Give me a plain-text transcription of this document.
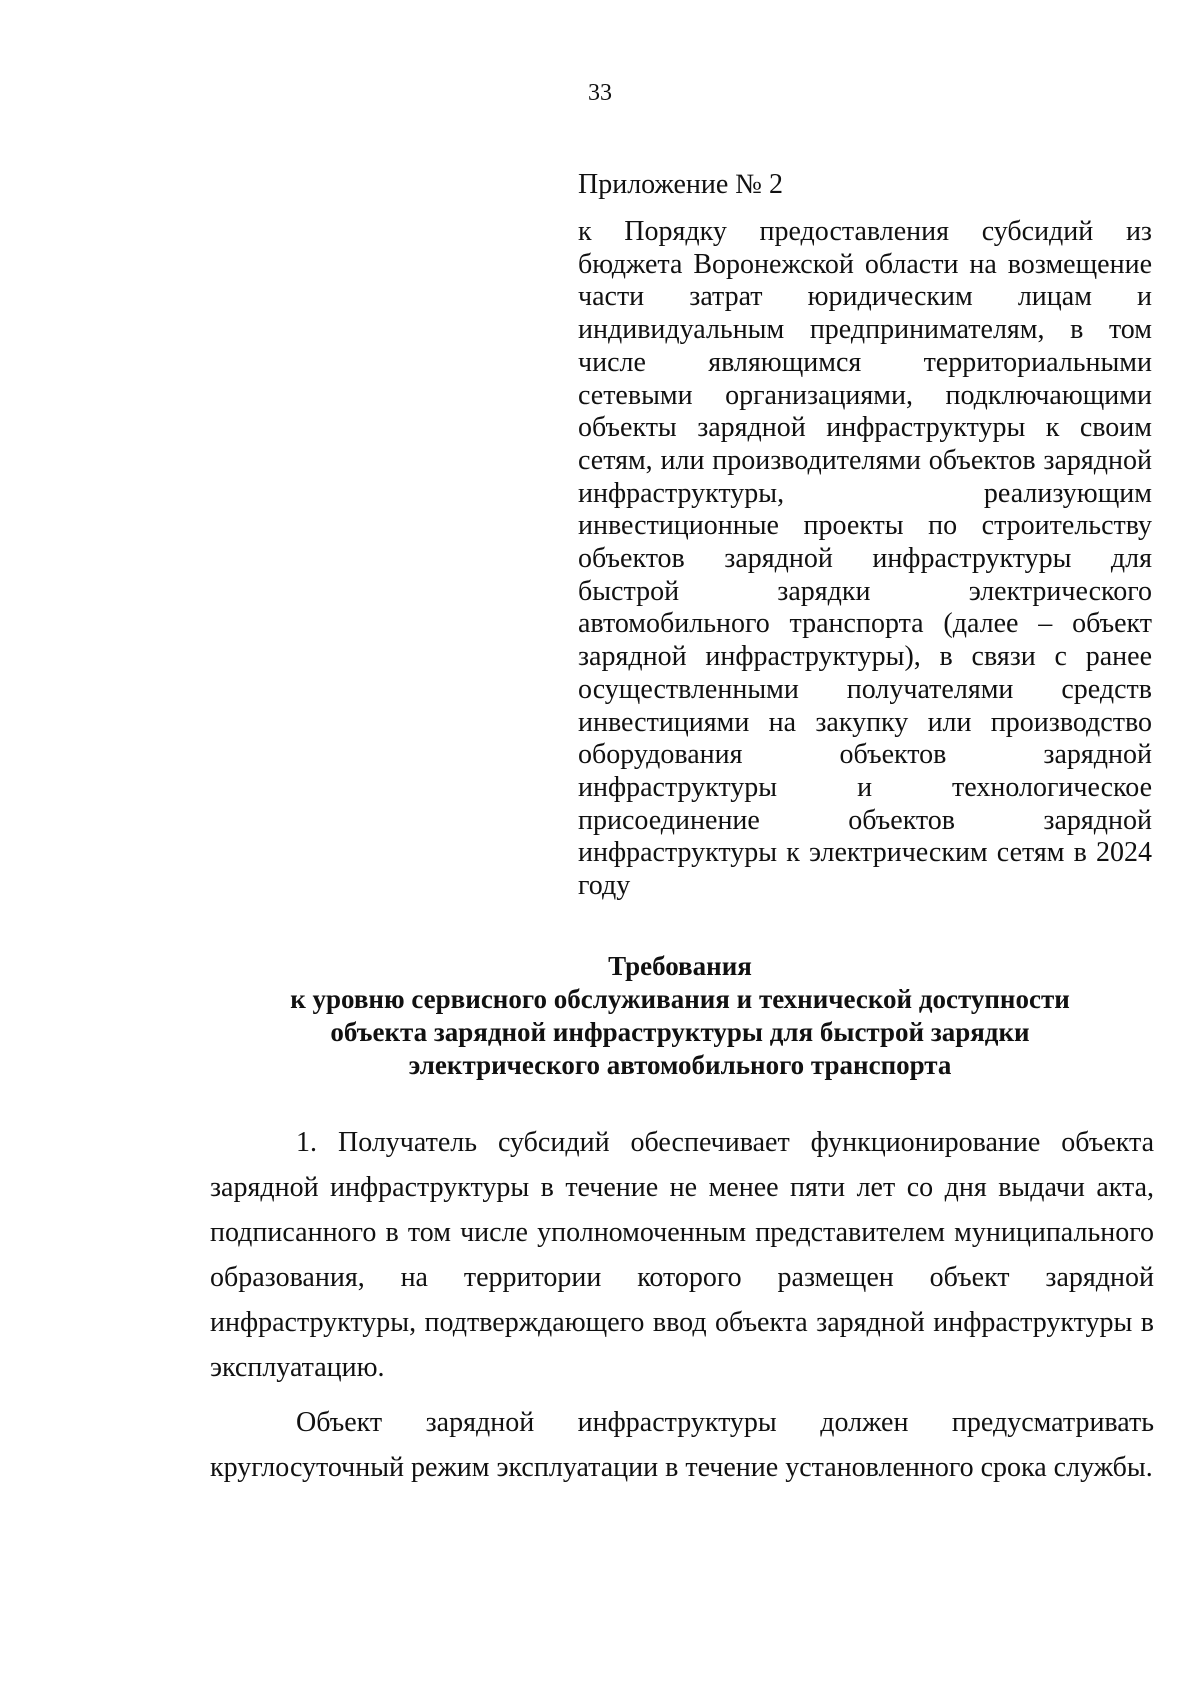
33
Приложение № 2
к Порядку предоставления субсидий из бюджета Воронежской области на возмещение части затрат юридическим лицам и индивидуальным предпринимателям, в том числе являющимся территориальными сетевыми организациями, подключающими объекты зарядной инфраструктуры к своим сетям, или производителями объектов зарядной инфраструктуры, реализующим инвестиционные проекты по строительству объектов зарядной инфраструктуры для быстрой зарядки электрического автомобильного транспорта (далее – объект зарядной инфраструктуры), в связи с ранее осуществленными получателями средств инвестициями на закупку или производство оборудования объектов зарядной инфраструктуры и технологическое присоединение объектов зарядной инфраструктуры к электрическим сетям в 2024 году
Требования
к уровню сервисного обслуживания и технической доступности
объекта зарядной инфраструктуры для быстрой зарядки
электрического автомобильного транспорта

1. Получатель субсидий обеспечивает функционирование объекта зарядной инфраструктуры в течение не менее пяти лет со дня выдачи акта, подписанного в том числе уполномоченным представителем муниципального образования, на территории которого размещен объект зарядной инфраструктуры, подтверждающего ввод объекта зарядной инфраструктуры в эксплуатацию.

Объект зарядной инфраструктуры должен предусматривать круглосуточный режим эксплуатации в течение установленного срока службы.
